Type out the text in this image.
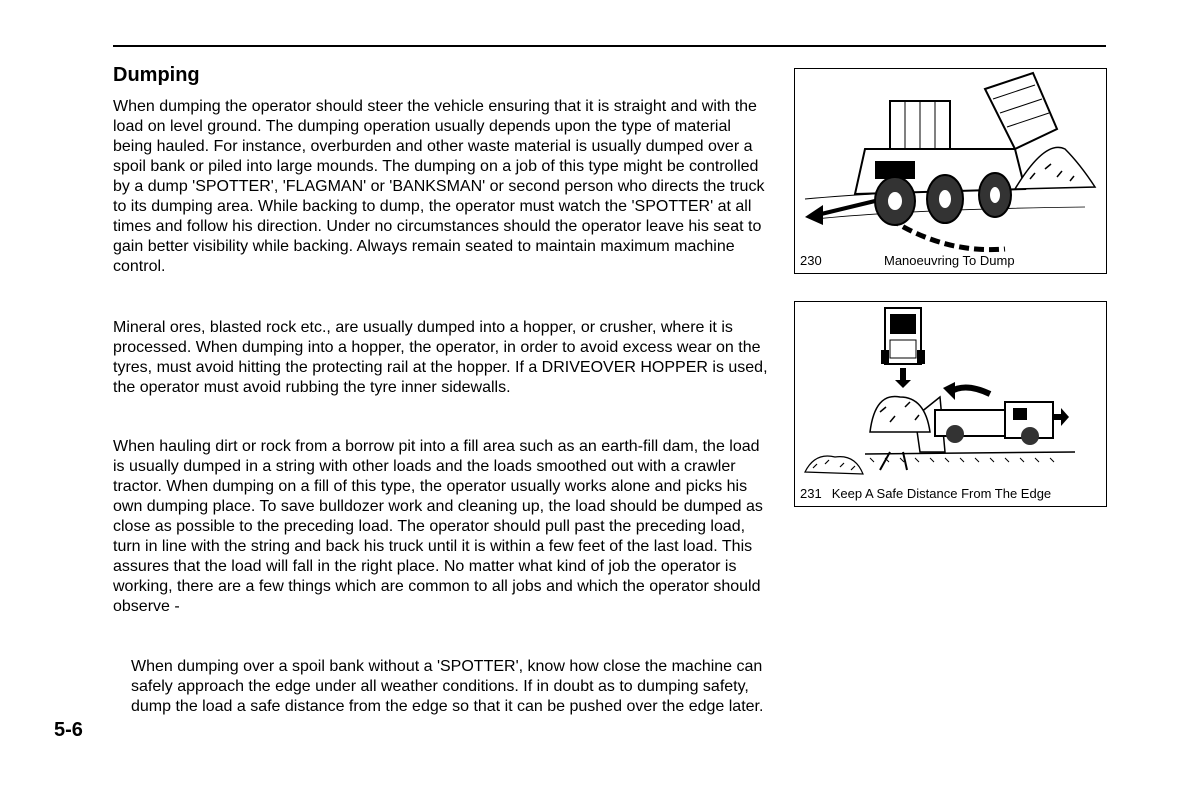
Dumping

When dumping the operator should steer the vehicle ensuring that it is straight and with the load on level ground. The dumping operation usually depends upon the type of material being hauled. For instance, overburden and other waste material is usually dumped over a spoil bank or piled into large mounds. The dumping on a job of this type might be controlled by a dump 'SPOTTER', 'FLAGMAN' or 'BANKSMAN' or second person who directs the truck to its dumping area. While backing to dump, the operator must watch the 'SPOTTER' at all times and follow his direction. Under no circumstances should the operator leave his seat to gain better visibility while backing. Always remain seated to maintain maximum machine control.

Mineral ores, blasted rock etc., are usually dumped into a hopper, or crusher, where it is processed. When dumping into a hopper, the operator, in order to avoid excess wear on the tyres, must avoid hitting the protecting rail at the hopper. If a DRIVEOVER HOPPER is used, the operator must avoid rubbing the tyre inner sidewalls.

When hauling dirt or rock from a borrow pit into a fill area such as an earth-fill dam, the load is usually dumped in a string with other loads and the loads smoothed out with a crawler tractor. When dumping on a fill of this type, the operator usually works alone and picks his own dumping place. To save bulldozer work and cleaning up, the load should be dumped as close as possible to the preceding load. The operator should pull past the preceding load, turn in line with the string and back his truck until it is within a few feet of the last load. This assures that the load will fall in the right place. No matter what kind of job the operator is working, there are a few things which are common to all jobs and which the operator should observe -

When dumping over a spoil bank without a 'SPOTTER', know how close the machine can safely approach the edge under all weather conditions. If in doubt as to dumping safety, dump the load a safe distance from the edge so that it can be pushed over the edge later.

230	Manoeuvring To Dump
231 Keep A Safe Distance From The Edge
5-6
